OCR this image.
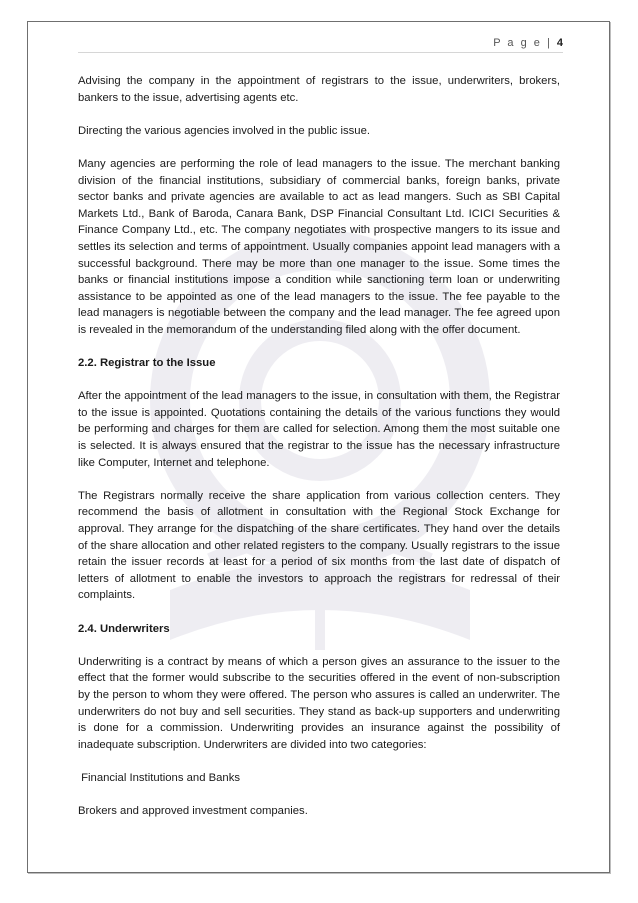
P a g e | 4

Advising the company in the appointment of registrars to the issue, underwriters, brokers, bankers to the issue, advertising agents etc.

Directing the various agencies involved in the public issue.

Many agencies are performing the role of lead managers to the issue. The merchant banking division of the financial institutions, subsidiary of commercial banks, foreign banks, private sector banks and private agencies are available to act as lead mangers. Such as SBI Capital Markets Ltd., Bank of Baroda, Canara Bank, DSP Financial Consultant Ltd. ICICI Securities & Finance Company Ltd., etc. The company negotiates with prospective mangers to its issue and settles its selection and terms of appointment. Usually companies appoint lead managers with a successful background. There may be more than one manager to the issue. Some times the banks or financial institutions impose a condition while sanctioning term loan or underwriting assistance to be appointed as one of the lead managers to the issue. The fee payable to the lead managers is negotiable between the company and the lead manager. The fee agreed upon is revealed in the memorandum of the understanding filed along with the offer document.

2.2. Registrar to the Issue

After the appointment of the lead managers to the issue, in consultation with them, the Registrar to the issue is appointed. Quotations containing the details of the various functions they would be performing and charges for them are called for selection. Among them the most suitable one is selected. It is always ensured that the registrar to the issue has the necessary infrastructure like Computer, Internet and telephone.

The Registrars normally receive the share application from various collection centers. They recommend the basis of allotment in consultation with the Regional Stock Exchange for approval. They arrange for the dispatching of the share certificates. They hand over the details of the share allocation and other related registers to the company. Usually registrars to the issue retain the issuer records at least for a period of six months from the last date of dispatch of letters of allotment to enable the investors to approach the registrars for redressal of their complaints.

2.4. Underwriters

Underwriting is a contract by means of which a person gives an assurance to the issuer to the effect that the former would subscribe to the securities offered in the event of non-subscription by the person to whom they were offered. The person who assures is called an underwriter. The underwriters do not buy and sell securities. They stand as back-up supporters and underwriting is done for a commission. Underwriting provides an insurance against the possibility of inadequate subscription. Underwriters are divided into two categories:

Financial Institutions and Banks

Brokers and approved investment companies.
